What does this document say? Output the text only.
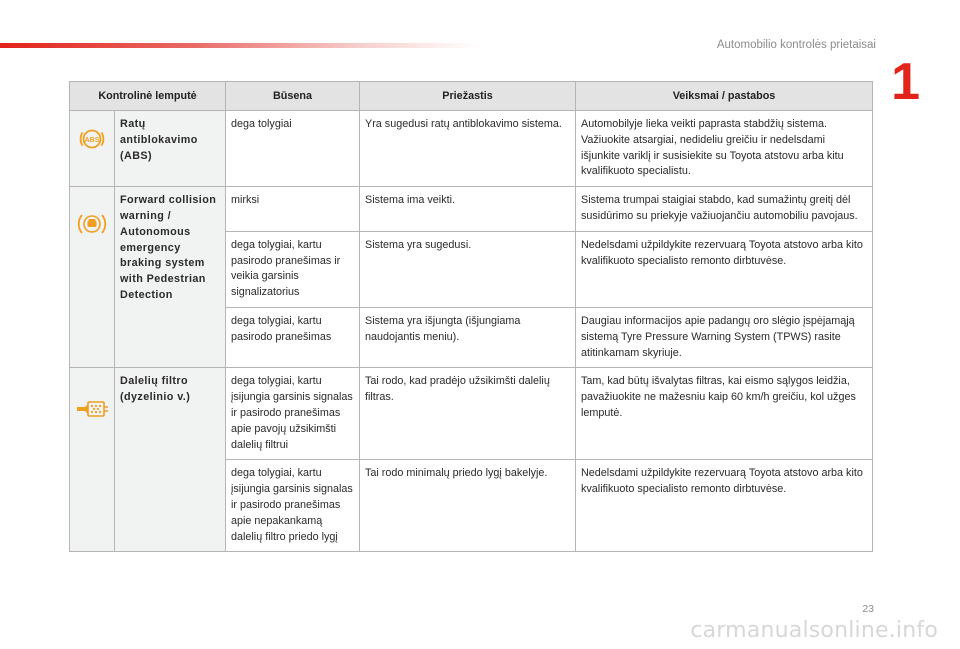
Automobilio kontrolės prietaisai
1
Kontrolinė lemputė		Būsena	Priežastis	Veiksmai / pastabos

ABS	Ratų antiblokavimo (ABS)	dega tolygiai	Yra sugedusi ratų antiblokavimo sistema.	Automobilyje lieka veikti paprasta stabdžių sistema. Važiuokite atsargiai, nedideliu greičiu ir nedelsdami išjunkite variklį ir susisiekite su Toyota atstovu arba kitu kvalifikuoto specialistu.

	Forward collision warning / Autonomous emergency braking system with Pedestrian Detection	mirksi	Sistema ima veikti.	Sistema trumpai staigiai stabdo, kad sumažintų greitį dėl susidūrimo su priekyje važiuojančiu automobiliu pavojaus.
		dega tolygiai, kartu pasirodo pranešimas ir veikia garsinis signalizatorius	Sistema yra sugedusi.	Nedelsdami užpildykite rezervuarą Toyota atstovo arba kito kvalifikuoto specialisto remonto dirbtuvėse.
		dega tolygiai, kartu pasirodo pranešimas	Sistema yra išjungta (išjungiama naudojantis meniu).	Daugiau informacijos apie padangų oro slėgio įspėjamąją sistemą Tyre Pressure Warning System (TPWS) rasite atitinkamam skyriuje.

	Dalelių filtro (dyzelinio v.)	dega tolygiai, kartu įsijungia garsinis signalas ir pasirodo pranešimas apie pavojų užsikimšti dalelių filtrui	Tai rodo, kad pradėjo užsikimšti dalelių filtras.	Tam, kad būtų išvalytas filtras, kai eismo sąlygos leidžia, pavažiuokite ne mažesniu kaip 60 km/h greičiu, kol užges lemputė.
		dega tolygiai, kartu įsijungia garsinis signalas ir pasirodo pranešimas apie nepakankamą dalelių filtro priedo lygį	Tai rodo minimalų priedo lygį bakelyje.	Nedelsdami užpildykite rezervuarą Toyota atstovo arba kito kvalifikuoto specialisto remonto dirbtuvėse.
23
carmanualsonline.info
